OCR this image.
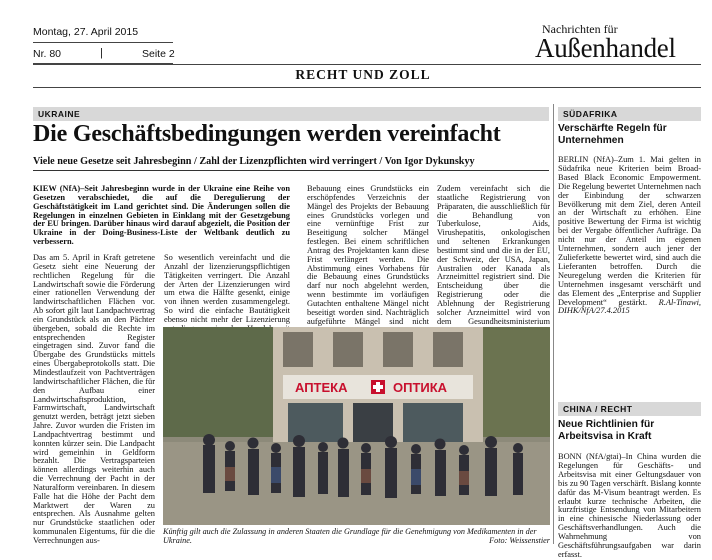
Montag, 27. April 2015
Nr. 80	|	Seite 2
Nachrichten für
Außenhandel
RECHT UND ZOLL
UKRAINE
Die Geschäftsbedingungen werden vereinfacht
Viele neue Gesetze seit Jahresbeginn / Zahl der Lizenzpflichten wird verringert / Von Igor Dykunskyy
KIEW (NfA)–Seit Jahresbeginn wurde in der Ukraine eine Reihe von Gesetzen verabschiedet, die auf die Deregulierung der Geschäftstätigkeit im Land gerichtet sind. Die Änderungen sollen die Regelungen in einzelnen Gebieten in Einklang mit der Gesetzgebung der EU bringen. Darüber hinaus wird darauf abgezielt, die Position der Ukraine in der Doing-Business-Liste der Weltbank deutlich zu verbessern.
Das am 5. April in Kraft getretene Gesetz sieht eine Neuerung der rechtlichen Regelung für die Landwirtschaft sowie die Förderung einer rationellen Verwendung der landwirtschaftlichen Flächen vor. Ab sofort gilt laut Landpachtvertrag ein Grundstück als an den Pächter übergeben, sobald die Rechte im entsprechenden Register eingetragen sind. Zuvor fand die Übergabe des Grundstücks mittels eines Übergabeprotokolls statt. Die Mindestlaufzeit von Pachtverträgen landwirtschaftlicher Flächen, die für den Aufbau einer Landwirtschaftsproduktion, Farmwirtschaft, Landwirtschaft genutzt werden, beträgt jetzt sieben Jahre. Zuvor wurden die Fristen im Landpachtvertrag bestimmt und konnten kürzer sein. Die Landpacht wird gemeinhin in Geldform bezahlt. Die Vertragsparteien können allerdings weiterhin auch die Verrechnung der Pacht in der Naturalform vereinbaren. In diesem Falle hat die Höhe der Pacht dem Marktwert der Waren zu entsprechen. Als Ausnahme gelten nur Grundstücke staatlichen oder kommunalen Eigentums, für die die Verrechnungen aus-
So wesentlich vereinfacht und die Anzahl der lizenzierungspflichtigen Tätigkeiten verringert. Die Anzahl der Arten der Lizenzierungen wird um etwa die Hälfte gesenkt, einige von ihnen werden zusammengelegt. So wird die einfache Bautätigkeit ebenso nicht mehr der Lizenzierung
Bebauung eines Grundstücks ein erschöpfendes Verzeichnis der Mängel des Projekts der Bebauung eines Grundstücks vorlegen und eine vernünftige Frist zur Beseitigung solcher Mängel festlegen. Bei einem schriftlichen Antrag des Projektanten kann diese Frist verlängert werden. Die Abstimmung eines Vorhabens für die Bebauung eines Grundstücks darf nur noch abgelehnt werden, wenn bestimmte im vorläufigen Gutachten enthaltene Mängel nicht beseitigt worden sind. Nachträglich aufgeführte Mängel sind nicht
Zudem vereinfacht sich die staatliche Registrierung von Präparaten, die ausschließlich für die Behandlung von Tuberkulose, Aids, Virushepatitis, onkologischen und seltenen Erkrankungen bestimmt sind und die in der EU, der Schweiz, der USA, Japan, Australien oder Kanada als Arzneimittel registriert sind. Die Entscheidung über die Registrierung oder die Ablehnung der Registrierung solcher Arzneimittel wird von dem Gesundheitsministerium
АПТЕКА	ОПТИКА
Künftig gilt auch die Zulassung in anderen Staaten die Grundlage für die Genehmigung von Medikamenten in der Ukraine.	Foto: Weissenstier
SÜDAFRIKA
Verschärfte Regeln für Unternehmen
BERLIN (NfA)–Zum 1. Mai gelten in Südafrika neue Kriterien beim Broad-Based Black Economic Empowerment. Die Regelung bewertet Unternehmen nach der Einbindung der schwarzen Bevölkerung mit dem Ziel, deren Anteil an der Wirtschaft zu erhöhen. Eine positive Bewertung der Firma ist wichtig bei der Vergabe öffentlicher Aufträge. Da nicht nur der Anteil im eigenen Unternehmen, sondern auch jener der Zulieferkette bewertet wird, sind auch die Lieferanten betroffen. Durch die Neuregelung werden die Kriterien für Unternehmen insgesamt verschärft und das Element des „Enterprise and Supplier Development“ gestärkt. R.Al-Tinawi, DIHK/NfA/27.4.2015
CHINA / RECHT
Neue Richtlinien für Arbeitsvisa in Kraft
BONN (NfA/gtai)–In China wurden die Regelungen für Geschäfts- und Arbeitsvisa mit einer Geltungsdauer von bis zu 90 Tagen verschärft. Bislang konnte dafür das M-Visum beantragt werden. Es erlaubt kurze technische Arbeiten, die kurzfristige Entsendung von Mitarbeitern in eine chinesische Niederlassung oder Geschäftsverhandlungen. Auch die Wahrnehmung von Geschäftsführungsaufgaben war darin erfasst.
